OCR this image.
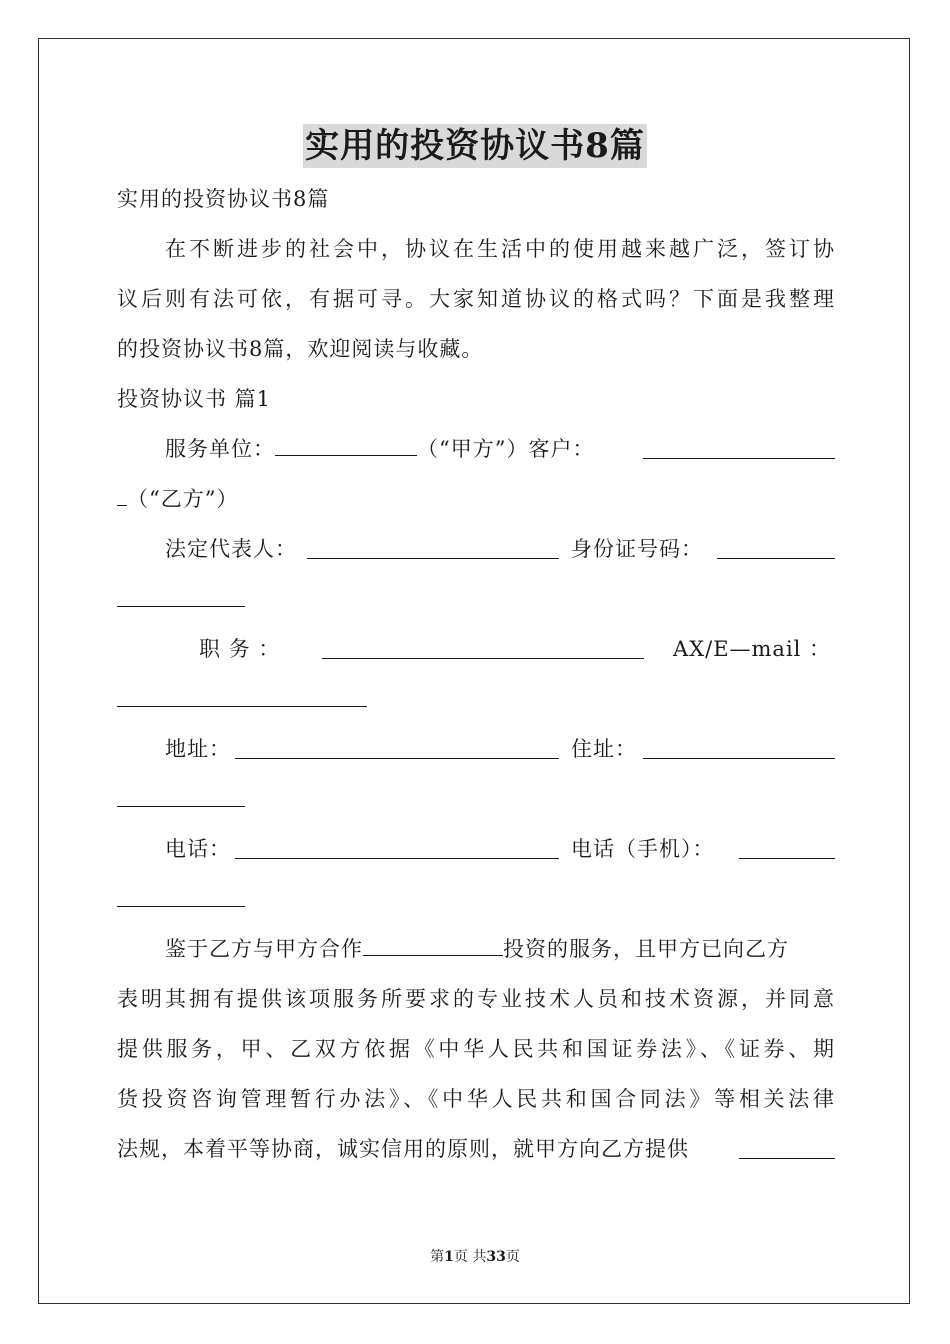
实用的投资协议书8篇
实用的投资协议书8篇
在不断进步的社会中，协议在生活中的使用越来越广泛，签订协
议后则有法可依，有据可寻。大家知道协议的格式吗？下面是我整理
的投资协议书8篇，欢迎阅读与收藏。
投资协议书 篇1
服务单位：	（“甲方”）客户：
（“乙方”）
法定代表人：	身份证号码：
职 务 ：	AX/E—mail ：
地址：	住址：
电话：	电话（手机）：
鉴于乙方与甲方合作	投资的服务，且甲方已向乙方
表明其拥有提供该项服务所要求的专业技术人员和技术资源，并同意
提供服务，甲、乙双方依据《中华人民共和国证券法》、《证券、期
货投资咨询管理暂行办法》、《中华人民共和国合同法》等相关法律
法规，本着平等协商，诚实信用的原则，就甲方向乙方提供
第1页 共33页
